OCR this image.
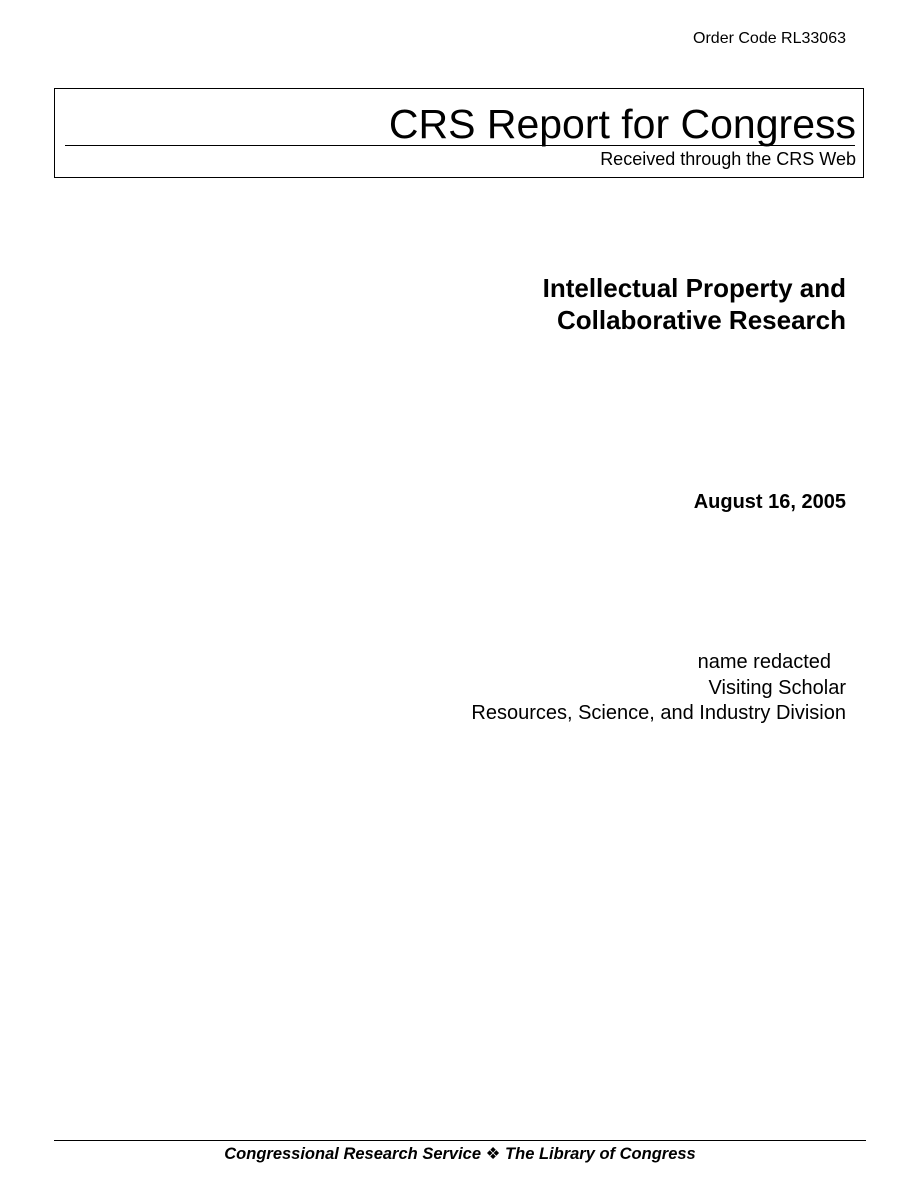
Order Code RL33063
CRS Report for Congress
Received through the CRS Web
Intellectual Property and
Collaborative Research
August 16, 2005
name redacted
Visiting Scholar
Resources, Science, and Industry Division
Congressional Research Service ❖ The Library of Congress
